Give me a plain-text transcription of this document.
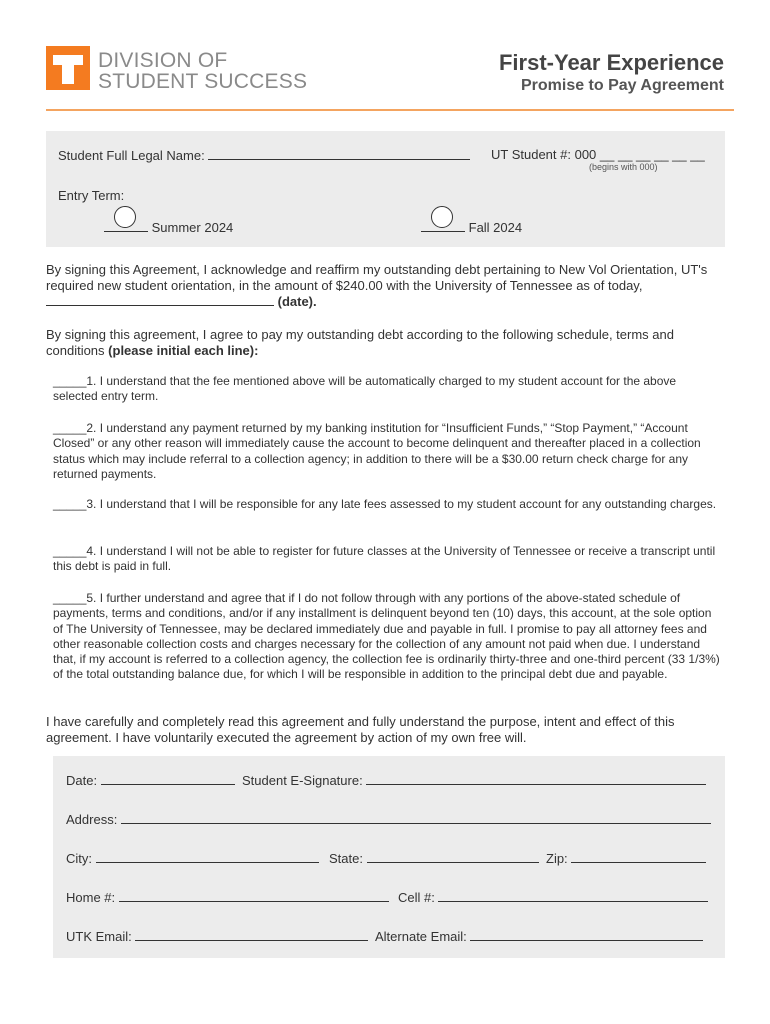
DIVISION OF
STUDENT SUCCESS
First-Year Experience
Promise to Pay Agreement
Student Full Legal Name:	UT Student #: 000 __ __ __ __ __ __
(begins with 000)
Entry Term:
Summer 2024	Fall 2024
By signing this Agreement, I acknowledge and reaffirm my outstanding debt pertaining to New Vol Orientation, UT's required new student orientation, in the amount of $240.00 with the University of Tennessee as of today,  (date).
By signing this agreement, I agree to pay my outstanding debt according to the following schedule, terms and conditions (please initial each line):
_____1. I understand that the fee mentioned above will be automatically charged to my student account for the above selected entry term.
_____2. I understand any payment returned by my banking institution for “Insufficient Funds,” “Stop Payment,” “Account Closed” or any other reason will immediately cause the account to become delinquent and thereafter placed in a collection status which may include referral to a collection agency; in addition to there will be a $30.00 return check charge for any returned payments.
_____3. I understand that I will be responsible for any late fees assessed to my student account for any outstanding charges.
_____4. I understand I will not be able to register for future classes at the University of Tennessee or receive a transcript until this debt is paid in full.
_____5. I further understand and agree that if I do not follow through with any portions of the above-stated schedule of payments, terms and conditions, and/or if any installment is delinquent beyond ten (10) days, this account, at the sole option of The University of Tennessee, may be declared immediately due and payable in full. I promise to pay all attorney fees and other reasonable collection costs and charges necessary for the collection of any amount not paid when due. I understand that, if my account is referred to a collection agency, the collection fee is ordinarily thirty-three and one-third percent (33 1/3%) of the total outstanding balance due, for which I will be responsible in addition to the principal debt due and payable.
I have carefully and completely read this agreement and fully understand the purpose, intent and effect of this agreement. I have voluntarily executed the agreement by action of my own free will.
Date:	Student E-Signature:
Address:
City:	State:	Zip:
Home #:	Cell #:
UTK Email:	Alternate Email:
